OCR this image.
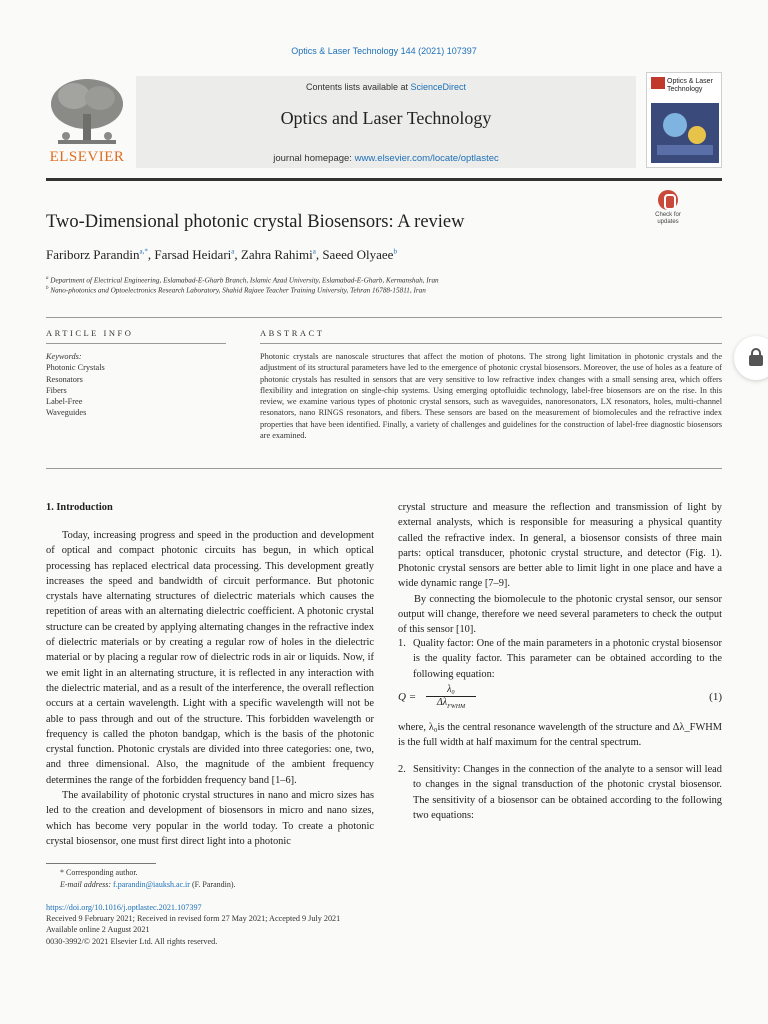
Optics & Laser Technology 144 (2021) 107397
ELSEVIER
Contents lists available at ScienceDirect
Optics and Laser Technology
journal homepage: www.elsevier.com/locate/optlastec
Optics & Laser Technology
Check for updates
Two-Dimensional photonic crystal Biosensors: A review
Fariborz Parandin$^{a,*}$, Farsad Heidari$^a$, Zahra Rahimi$^a$, Saeed Olyaee$^b$
$^a$ Department of Electrical Engineering, Eslamabad-E-Gharb Branch, Islamic Azad University, Eslamabad-E-Gharb, Kermanshah, Iran
$^b$ Nano-photonics and Optoelectronics Research Laboratory, Shahid Rajaee Teacher Training University, Tehran 16788-15811, Iran
ARTICLE INFO	ABSTRACT
Keywords:
Photonic Crystals
Resonators
Fibers
Label-Free
Waveguides
Photonic crystals are nanoscale structures that affect the motion of photons. The strong light limitation in photonic crystals and the adjustment of its structural parameters have led to the emergence of photonic crystal biosensors. Moreover, the use of holes as a feature of photonic crystals has resulted in sensors that are very sensitive to low refractive index changes with a small sensing area, which offers flexibility and integration on single-chip systems. Using emerging optofluidic technology, label-free biosensors are on the rise. In this review, we examine various types of photonic crystal sensors, such as waveguides, nanoresonators, LX resonators, holes, multi-channel resonators, nano RINGS resonators, and fibers. These sensors are based on the measurement of biomolecules and the refractive index properties that have been identified. Finally, a variety of challenges and guidelines for the construction of label-free diagnostic biosensors are examined.
1. Introduction

Today, increasing progress and speed in the production and development of optical and compact photonic circuits has begun, in which optical processing has replaced electrical data processing. This development greatly increases the speed and bandwidth of circuit performance. But photonic crystals have alternating structures of dielectric materials which causes the repetition of areas with an alternating dielectric coefficient. A photonic crystal structure can be created by applying alternating changes in the refractive index of dielectric materials or by creating a regular row of holes in the dielectric material or by placing a regular row of dielectric rods in air or liquids. Now, if we emit light in an alternating structure, it is reflected in any interaction with the dielectric material, and as a result of the interference, the overall reflection occurs at a certain wavelength. Light with a specific wavelength will not be able to pass through and out of the structure. This forbidden wavelength or frequency is called the photon bandgap, which is the basis of the photonic crystal function. Photonic crystals are divided into three categories: one, two, and three dimensional. Also, the magnitude of the ambient frequency determines the range of the forbidden frequency band [1–6].

The availability of photonic crystal structures in nano and micro sizes has led to the creation and development of biosensors in micro and nano sizes, which has become very popular in the world today. To create a photonic crystal biosensor, one must first direct light into a photonic

crystal structure and measure the reflection and transmission of light by external analysts, which is responsible for measuring a physical quantity called the refractive index. In general, a biosensor consists of three main parts: optical transducer, photonic crystal structure, and detector (Fig. 1). Photonic crystal sensors are better able to limit light in one place and have a wide dynamic range [7–9].

By connecting the biomolecule to the photonic crystal sensor, our sensor output will change, therefore we need several parameters to check the output of this sensor [10].

1. Quality factor: One of the main parameters in a photonic crystal biosensor is the quality factor. This parameter can be obtained according to the following equation:
Q =
λ₀
$\Delta\lambda_{FWHM}$
(1)
where, λ₀is the central resonance wavelength of the structure and Δλ_FWHM is the full width at half maximum for the central spectrum.
2. Sensitivity: Changes in the connection of the analyte to a sensor will lead to changes in the signal transduction of the photonic crystal biosensor. The sensitivity of a biosensor can be obtained according to the following two equations:
* Corresponding author.
E-mail address: f.parandin@iauksh.ac.ir (F. Parandin).
https://doi.org/10.1016/j.optlastec.2021.107397
Received 9 February 2021; Received in revised form 27 May 2021; Accepted 9 July 2021
Available online 2 August 2021
0030-3992/© 2021 Elsevier Ltd. All rights reserved.
